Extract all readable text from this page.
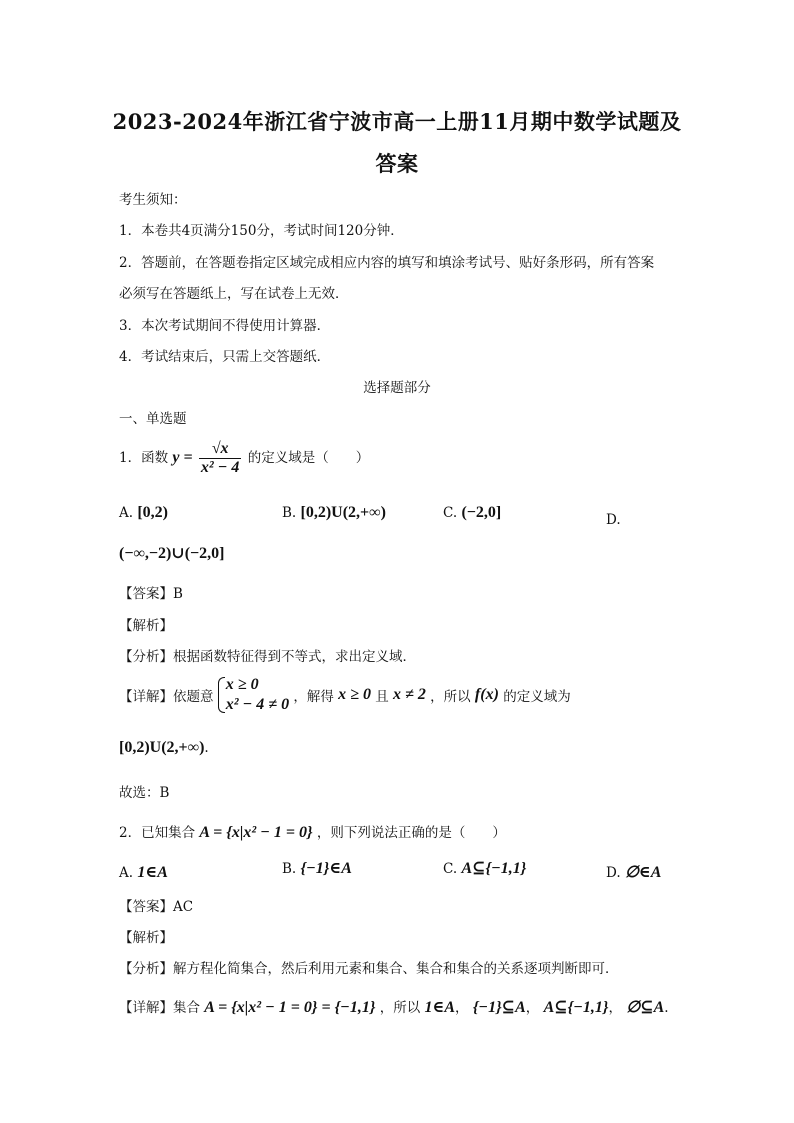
2023-2024年浙江省宁波市高一上册11月期中数学试题及
答案
考生须知：
1．本卷共4页满分150分，考试时间120分钟．
2．答题前，在答题卷指定区域完成相应内容的填写和填涂考试号、贴好条形码，所有答案
必须写在答题纸上，写在试卷上无效．
3．本次考试期间不得使用计算器．
4．考试结束后，只需上交答题纸．
选择题部分
一、单选题
1．函数 $y = \frac{√x}{\text{x² − 4}}$ 的定义域是（　　）
A. [0,2)	B. [0,2)U(2,+∞)	C. (−2,0]	D.
(−∞,−2)∪(−2,0]
【答案】B
【解析】
【分析】根据函数特征得到不等式，求出定义域．
【详解】依题意
x ≥ 0
x² − 4 ≠ 0 ，解得 x ≥ 0 且 x ≠ 2 ，所以 f(x) 的定义域为
[0,2)U(2,+∞).
故选：B
2．已知集合 A = {x|x² − 1 = 0} ，则下列说法正确的是（　　）
A. 1∈A	B. {−1}∈A	C. A⊆{−1,1}	D. ∅∈A
【答案】AC
【解析】
【分析】解方程化简集合，然后利用元素和集合、集合和集合的关系逐项判断即可．
【详解】集合 A = {x|x² − 1 = 0} = {−1,1} ，所以 1∈A， {−1}⊆A， A⊆{−1,1}， ∅⊆A.
